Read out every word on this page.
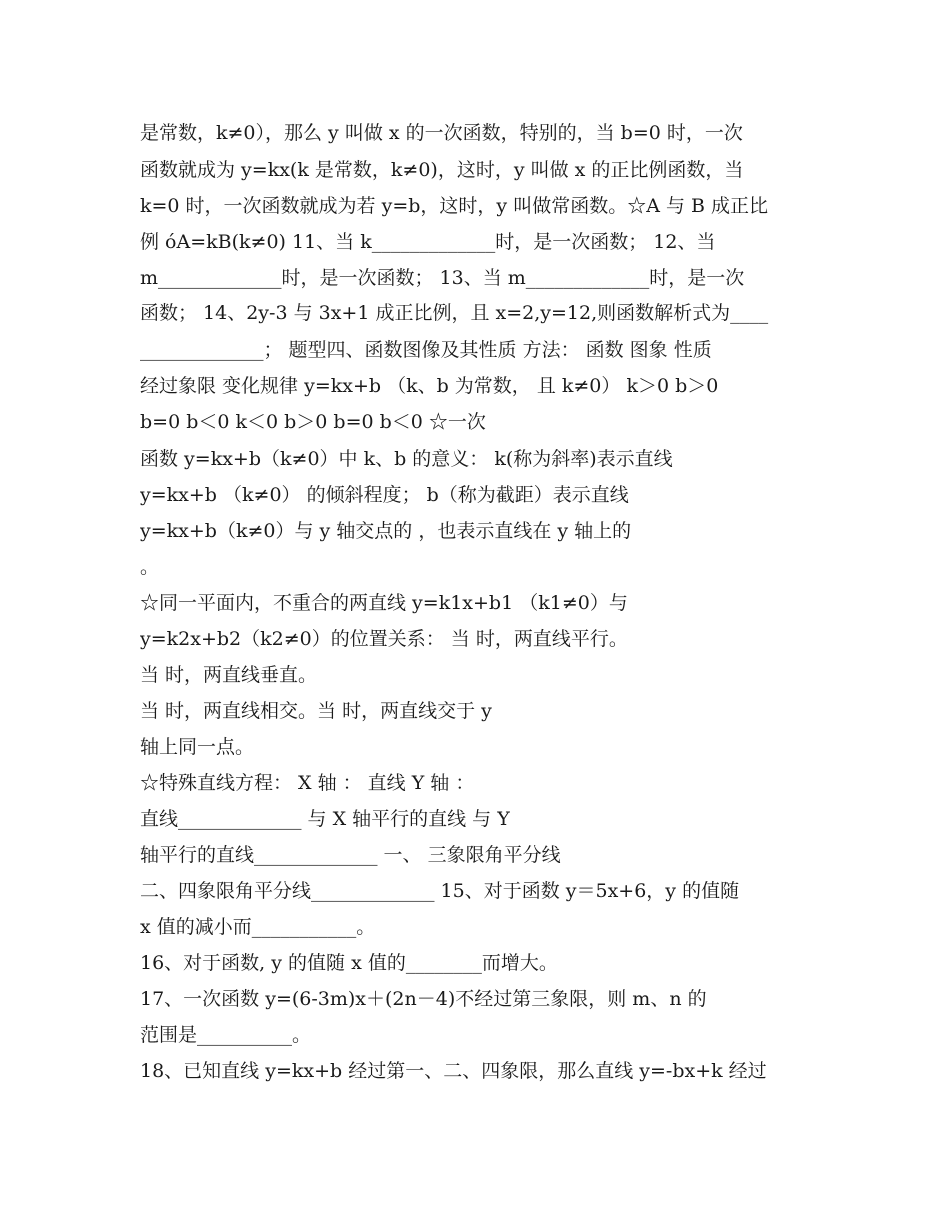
是常数，k≠0），那么 y 叫做 x 的一次函数，特别的，当 b=0 时，一次
函数就成为 y=kx(k 是常数，k≠0)，这时，y 叫做 x 的正比例函数，当
k=0 时，一次函数就成为若 y=b，这时，y 叫做常函数。☆A 与 B 成正比
例 óA=kB(k≠0) 11、当 k_____________时，是一次函数； 12、当
m_____________时，是一次函数； 13、当 m_____________时，是一次
函数； 14、2y-3 与 3x+1 成正比例，且 x=2,y=12,则函数解析式为____
_____________； 题型四、函数图像及其性质 方法： 函数 图象 性质
经过象限 变化规律 y=kx+b （k、b 为常数， 且 k≠0） k＞0 b＞0
b=0 b＜0 k＜0 b＞0 b=0 b＜0 ☆一次
函数 y=kx+b（k≠0）中 k、b 的意义： k(称为斜率)表示直线
y=kx+b （k≠0） 的倾斜程度； b（称为截距）表示直线
y=kx+b（k≠0）与 y 轴交点的 ，也表示直线在 y 轴上的
。
☆同一平面内，不重合的两直线 y=k1x+b1 （k1≠0）与
y=k2x+b2（k2≠0）的位置关系： 当 时，两直线平行。
当 时，两直线垂直。
当 时，两直线相交。当 时，两直线交于 y
轴上同一点。
☆特殊直线方程： X 轴 ： 直线 Y 轴 ：
直线_____________ 与 X 轴平行的直线 与 Y
轴平行的直线_____________ 一、 三象限角平分线
二、四象限角平分线_____________ 15、对于函数 y＝5x+6，y 的值随
x 值的减小而___________。
16、对于函数, y 的值随 x 值的________而增大。
17、一次函数 y=(6-3m)x＋(2n－4)不经过第三象限，则 m、n 的
范围是__________。
18、已知直线 y=kx+b 经过第一、二、四象限，那么直线 y=-bx+k 经过
